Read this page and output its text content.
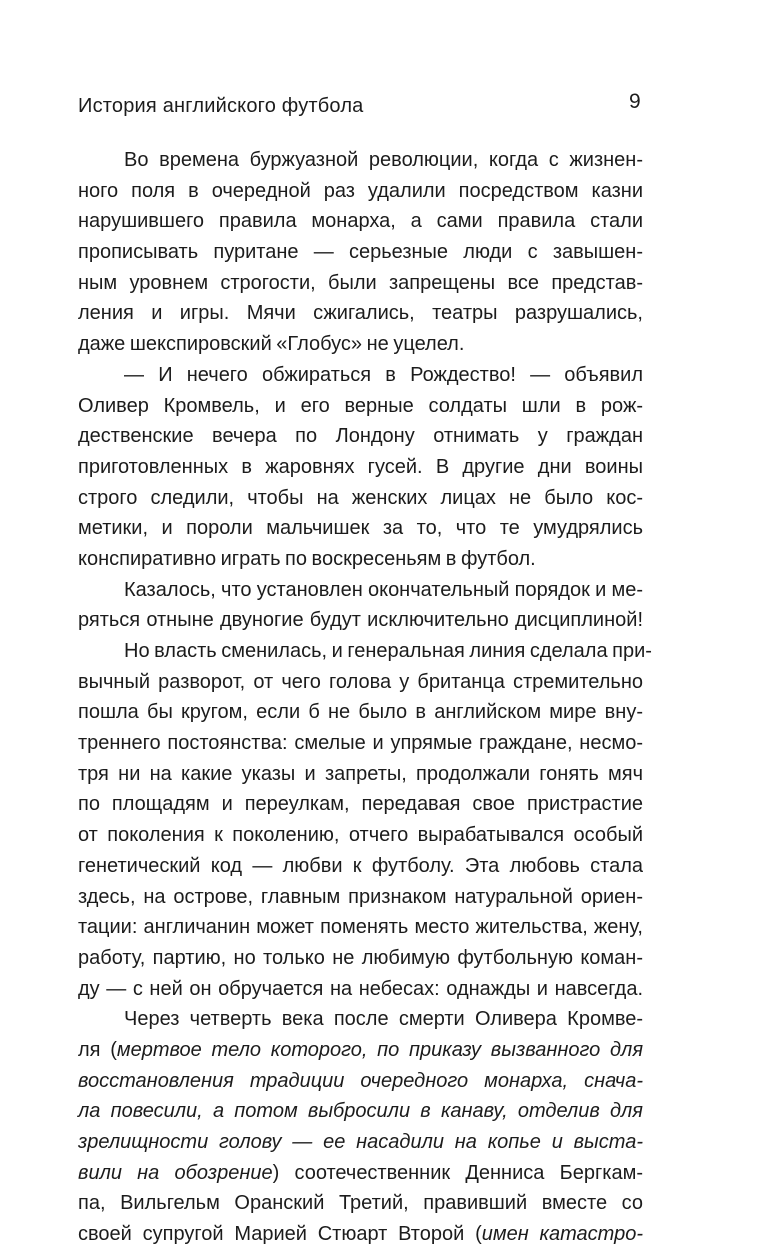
История английского футбола	9
Во времена буржуазной революции, когда с жизнен-
ного поля в очередной раз удалили посредством казни
нарушившего правила монарха, а сами правила стали
прописывать пуритане — серьезные люди с завышен-
ным уровнем строгости, были запрещены все представ-
ления и игры. Мячи сжигались, театры разрушались,
даже шекспировский «Глобус» не уцелел.
— И нечего обжираться в Рождество! — объявил
Оливер Кромвель, и его верные солдаты шли в рож-
дественские вечера по Лондону отнимать у граждан
приготовленных в жаровнях гусей. В другие дни воины
строго следили, чтобы на женских лицах не было кос-
метики, и пороли мальчишек за то, что те умудрялись
конспиративно играть по воскресеньям в футбол.
Казалось, что установлен окончательный порядок и ме-
ряться отныне двуногие будут исключительно дисциплиной!
Но власть сменилась, и генеральная линия сделала при-
вычный разворот, от чего голова у британца стремительно
пошла бы кругом, если б не было в английском мире вну-
треннего постоянства: смелые и упрямые граждане, несмо-
тря ни на какие указы и запреты, продолжали гонять мяч
по площадям и переулкам, передавая свое пристрастие
от поколения к поколению, отчего вырабатывался особый
генетический код — любви к футболу. Эта любовь стала
здесь, на острове, главным признаком натуральной ориен-
тации: англичанин может поменять место жительства, жену,
работу, партию, но только не любимую футбольную коман-
ду — с ней он обручается на небесах: однажды и навсегда.
Через четверть века после смерти Оливера Кромве-
ля (мертвое тело которого, по приказу вызванного для
восстановления традиции очередного монарха, снача-
ла повесили, а потом выбросили в канаву, отделив для
зрелищности голову — ее насадили на копье и выста-
вили на обозрение) соотечественник Денниса Бергкам-
па, Вильгельм Оранский Третий, правивший вместе со
своей супругой Марией Стюарт Второй (имен катастро-
